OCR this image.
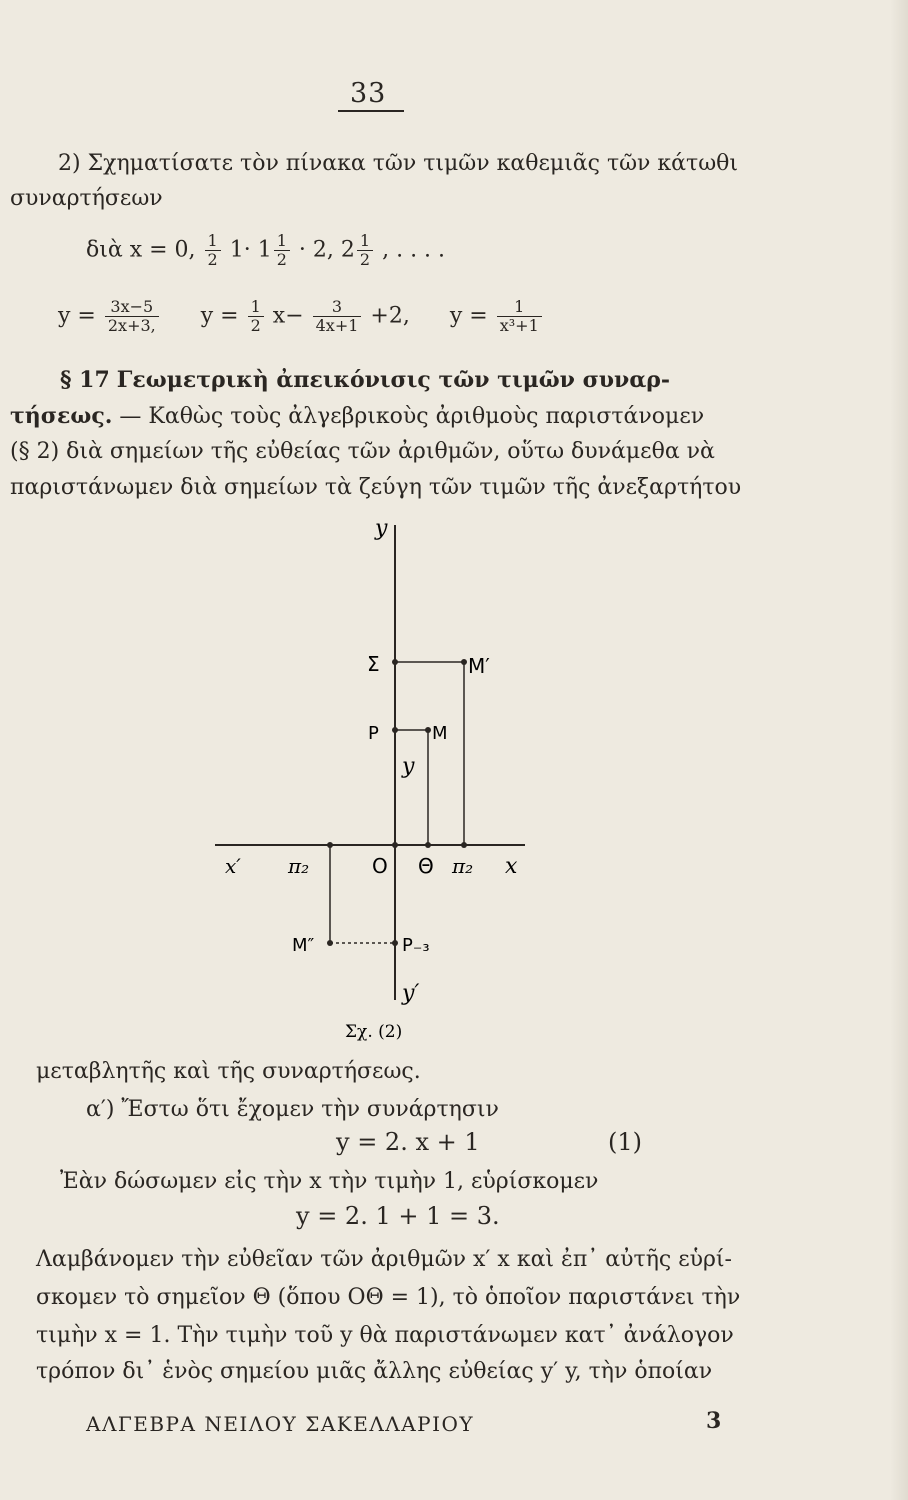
33
2) Σχηματίσατε τὸν πίνακα τῶν τιμῶν καθεμιᾶς τῶν κάτωθι
συναρτήσεων
διὰ x = 0, $\frac{1}{2} 1\cdot 1 \frac{1}{2} \cdot 2$, $2 \frac{1}{2}$ , . . . .
$y = \frac{3x-5}{2x+3,}$ $y = \frac{1}{2} x- \frac{3}{4x+1} +2$, $y = \frac{1}{\text{x³+1}}$
§ 17 Γεωμετρικὴ ἀπεικόνισις τῶν τιμῶν συναρ-
τήσεως. — Καθὼς τοὺς ἀλγεβρικοὺς ἀριθμοὺς παριστάνομεν
(§ 2) διὰ σημείων τῆς εὐθείας τῶν ἀριθμῶν, οὕτω δυνάμεθα νὰ
παριστάνωμεν διὰ σημείων τὰ ζεύγη τῶν τιμῶν τῆς ἀνεξαρτήτου
y
Σ	M′
P	M
y
x′ π₂	O Θ π₂ x
M″	P₋₃
y′
Σχ. (2)
μεταβλητῆς καὶ τῆς συναρτήσεως.
α′) Ἔστω ὅτι ἔχομεν τὴν συνάρτησιν
y = 2. x + 1	(1)
Ἐὰν δώσωμεν εἰς τὴν x τὴν τιμὴν 1, εὑρίσκομεν
y = 2. 1 + 1 = 3.
Λαμβάνομεν τὴν εὐθεῖαν τῶν ἀριθμῶν x′ x καὶ ἐπ᾽ αὐτῆς εὑρί-
σκομεν τὸ σημεῖον Θ (ὅπου ΟΘ = 1), τὸ ὁποῖον παριστάνει τὴν
τιμὴν x = 1. Τὴν τιμὴν τοῦ y θὰ παριστάνωμεν κατ᾽ ἀνάλογον
τρόπον δι᾽ ἑνὸς σημείου μιᾶς ἄλλης εὐθείας y′ y, τὴν ὁποίαν
ΑΛΓΕΒΡΑ ΝΕΙΛΟΥ ΣΑΚΕΛΛΑΡΙΟΥ	3
